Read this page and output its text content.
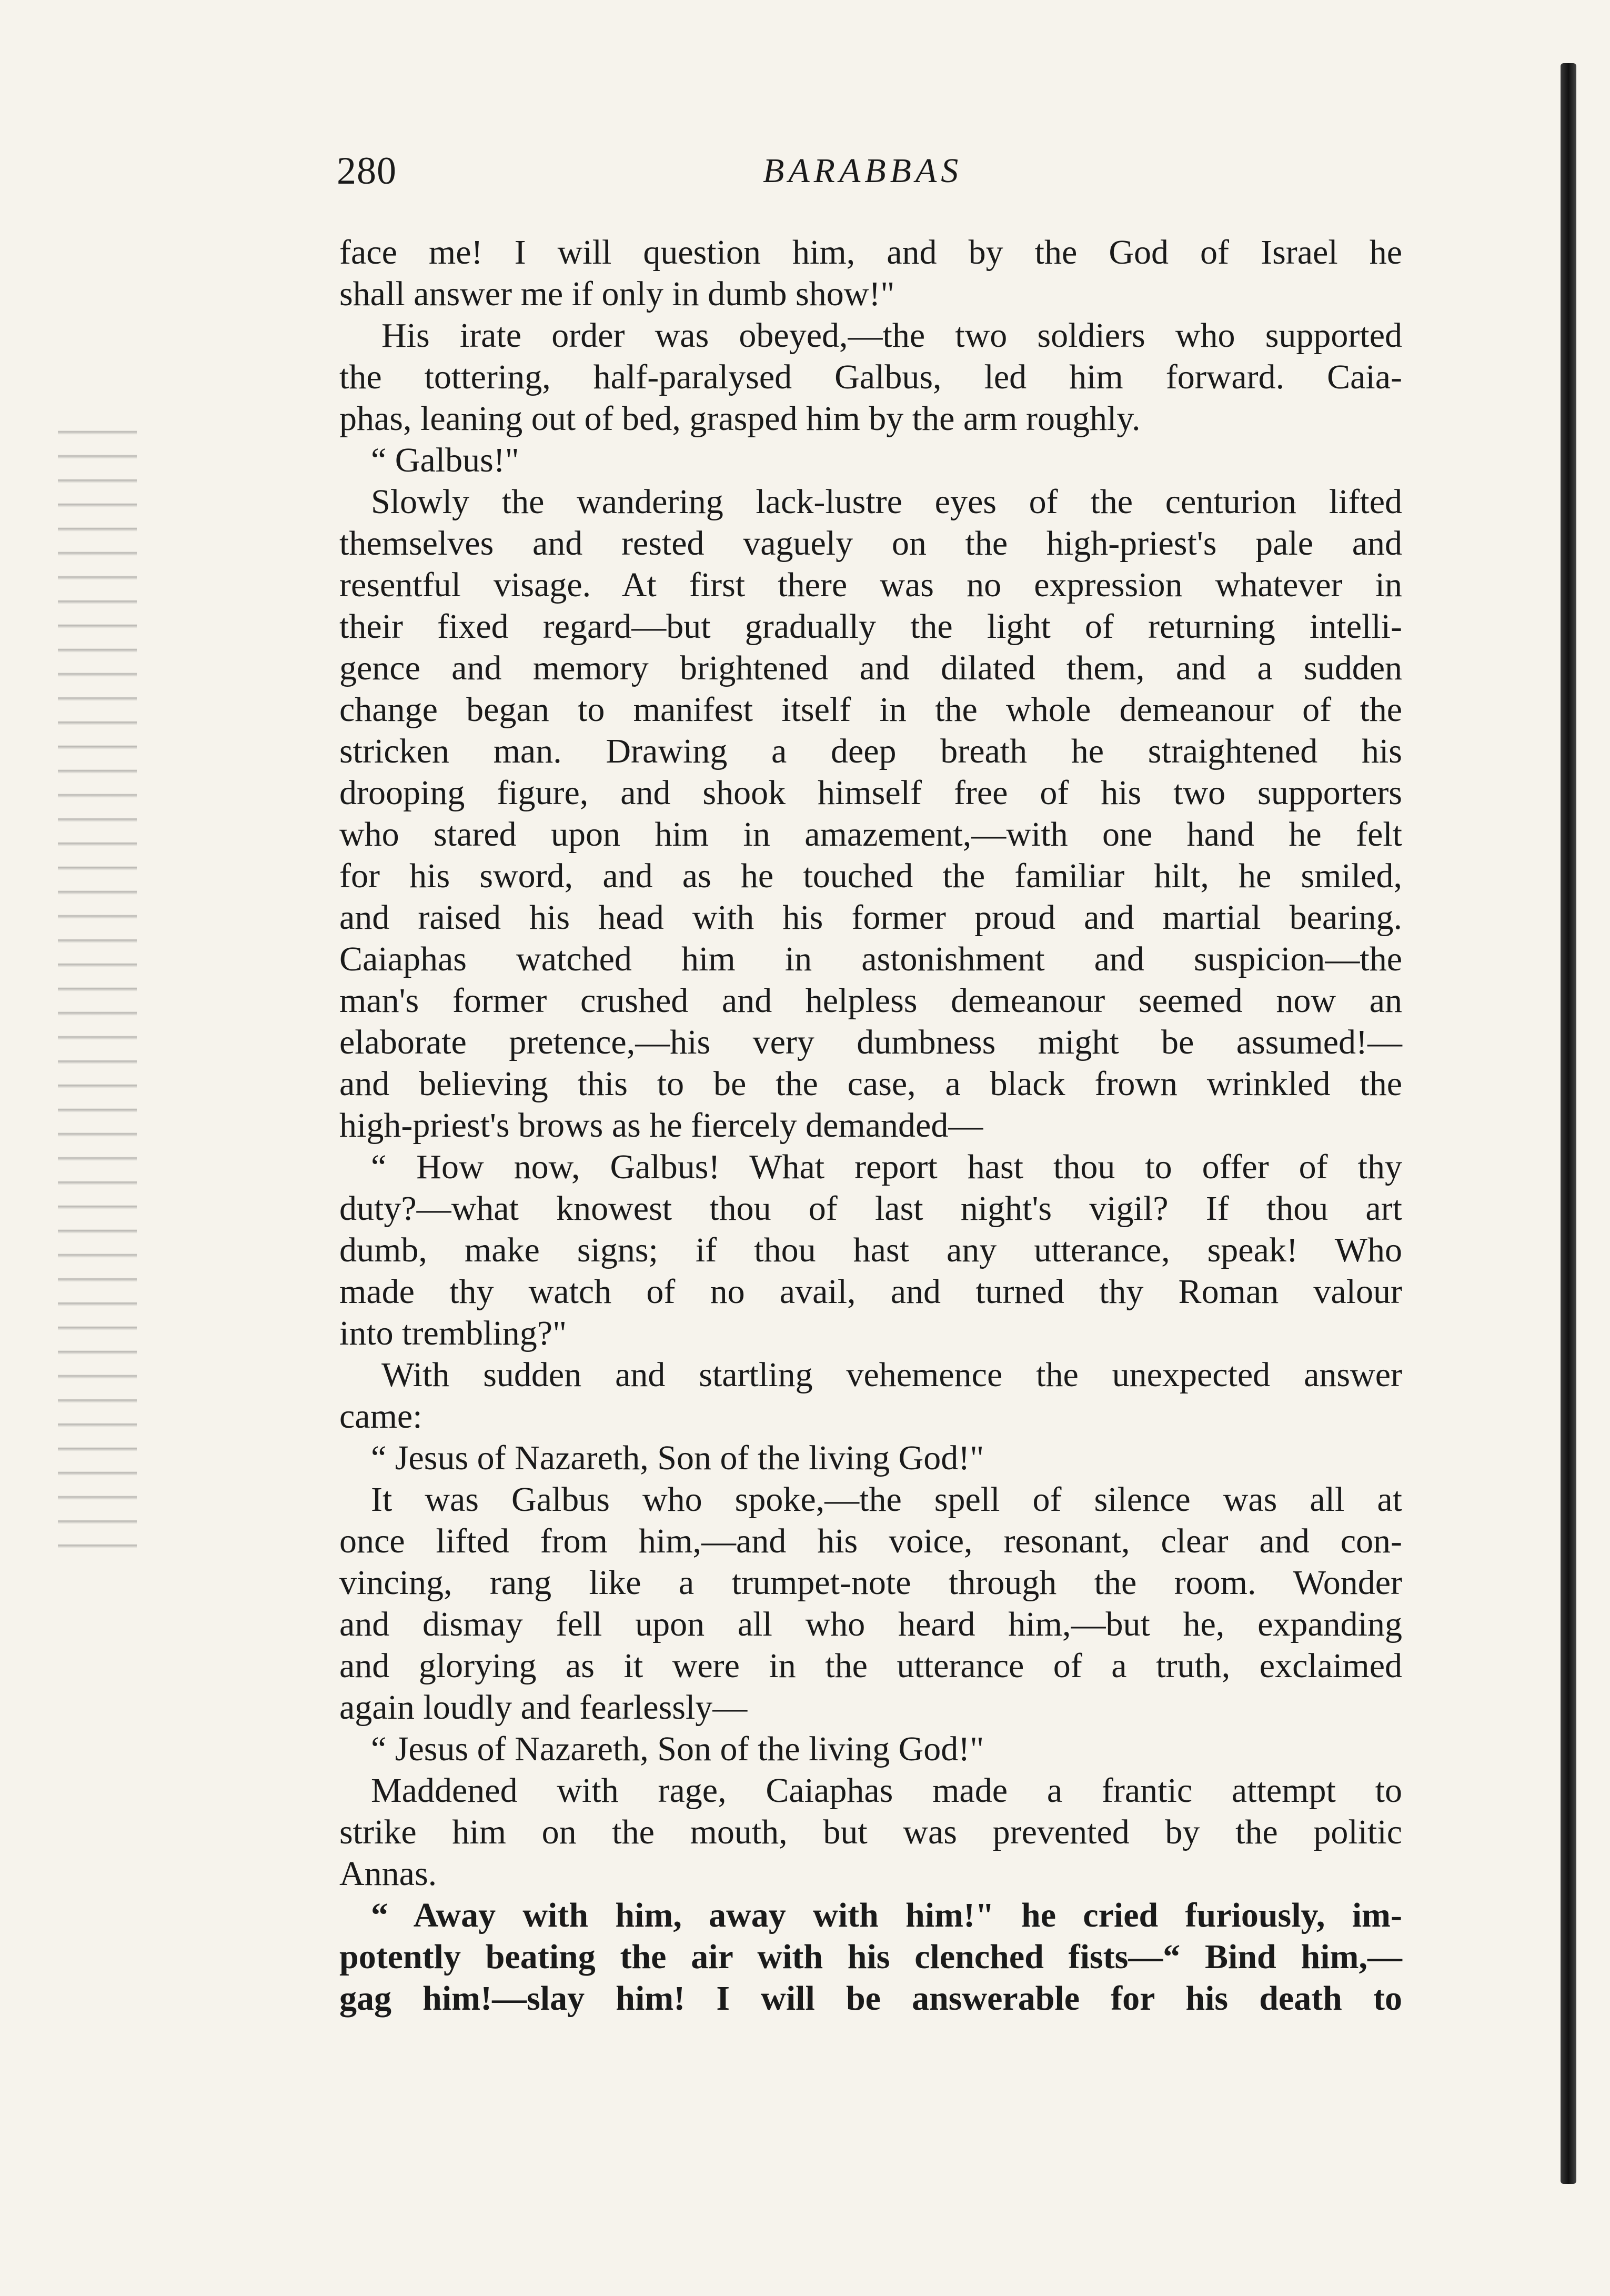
280	BARABBAS
face me! I will question him, and by the God of Israel he
shall answer me if only in dumb show!"
His irate order was obeyed,—the two soldiers who supported
the tottering, half-paralysed Galbus, led him forward. Caia-
phas, leaning out of bed, grasped him by the arm roughly.
“ Galbus!"
Slowly the wandering lack-lustre eyes of the centurion lifted
themselves and rested vaguely on the high-priest's pale and
resentful visage. At first there was no expression whatever in
their fixed regard—but gradually the light of returning intelli-
gence and memory brightened and dilated them, and a sudden
change began to manifest itself in the whole demeanour of the
stricken man. Drawing a deep breath he straightened his
drooping figure, and shook himself free of his two supporters
who stared upon him in amazement,—with one hand he felt
for his sword, and as he touched the familiar hilt, he smiled,
and raised his head with his former proud and martial bearing.
Caiaphas watched him in astonishment and suspicion—the
man's former crushed and helpless demeanour seemed now an
elaborate pretence,—his very dumbness might be assumed!—
and believing this to be the case, a black frown wrinkled the
high-priest's brows as he fiercely demanded—
“ How now, Galbus! What report hast thou to offer of thy
duty?—what knowest thou of last night's vigil? If thou art
dumb, make signs; if thou hast any utterance, speak! Who
made thy watch of no avail, and turned thy Roman valour
into trembling?"
With sudden and startling vehemence the unexpected answer
came:
“ Jesus of Nazareth, Son of the living God!"
It was Galbus who spoke,—the spell of silence was all at
once lifted from him,—and his voice, resonant, clear and con-
vincing, rang like a trumpet-note through the room. Wonder
and dismay fell upon all who heard him,—but he, expanding
and glorying as it were in the utterance of a truth, exclaimed
again loudly and fearlessly—
“ Jesus of Nazareth, Son of the living God!"
Maddened with rage, Caiaphas made a frantic attempt to
strike him on the mouth, but was prevented by the politic
Annas.
“ Away with him, away with him!" he cried furiously, im-
potently beating the air with his clenched fists—“ Bind him,—
gag him!—slay him! I will be answerable for his death to
